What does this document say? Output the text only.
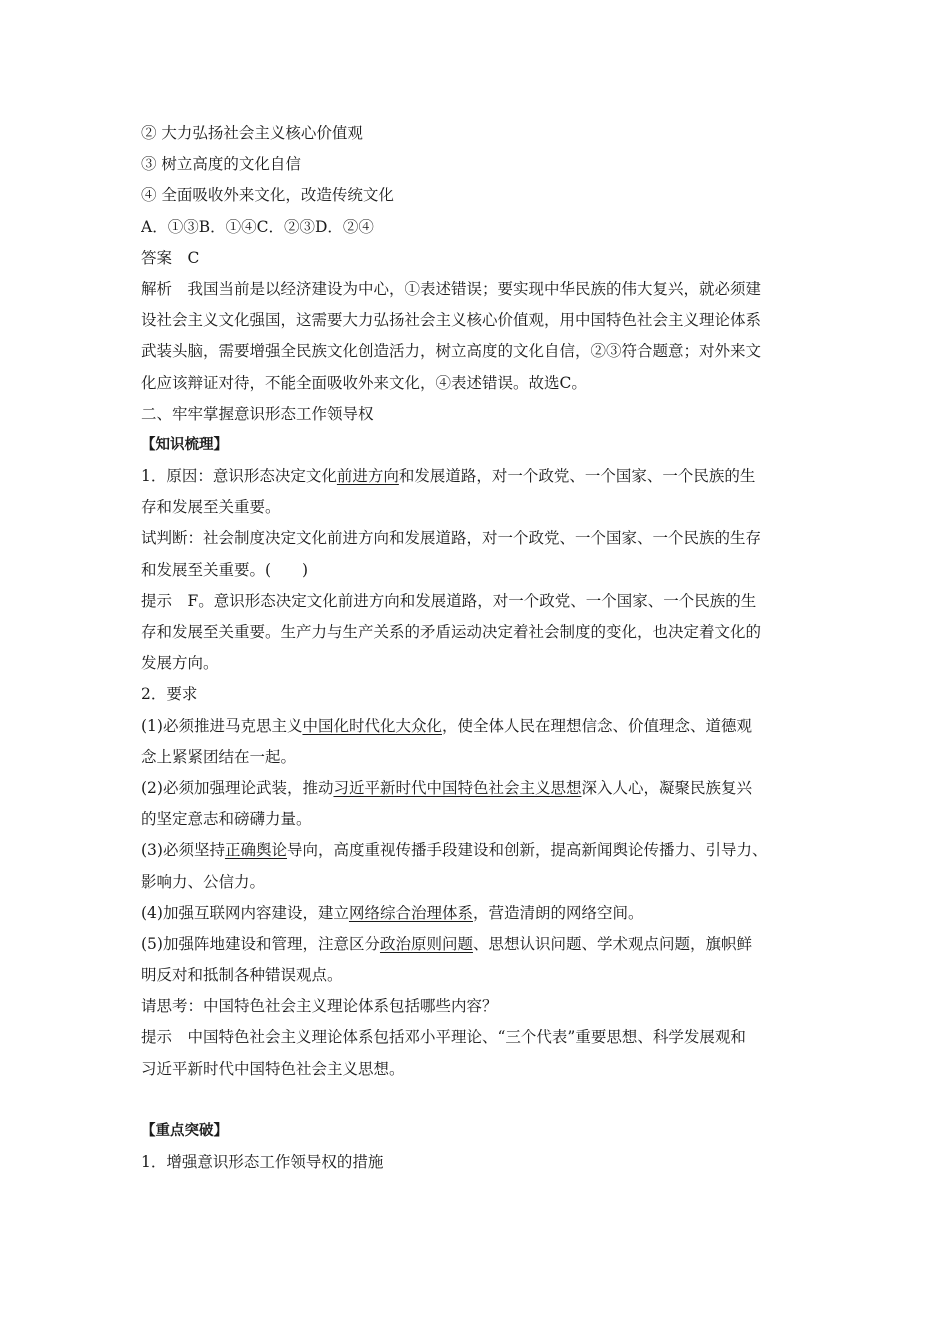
② 大力弘扬社会主义核心价值观
③ 树立高度的文化自信
④ 全面吸收外来文化，改造传统文化
A．①③B．①④C．②③D．②④
答案　C
解析　我国当前是以经济建设为中心，①表述错误；要实现中华民族的伟大复兴，就必须建
设社会主义文化强国，这需要大力弘扬社会主义核心价值观，用中国特色社会主义理论体系
武装头脑，需要增强全民族文化创造活力，树立高度的文化自信，②③符合题意；对外来文
化应该辩证对待，不能全面吸收外来文化，④表述错误。故选C。
二、牢牢掌握意识形态工作领导权
【知识梳理】
1．原因：意识形态决定文化前进方向和发展道路，对一个政党、一个国家、一个民族的生
存和发展至关重要。
试判断：社会制度决定文化前进方向和发展道路，对一个政党、一个国家、一个民族的生存
和发展至关重要。(　　)
提示　F。意识形态决定文化前进方向和发展道路，对一个政党、一个国家、一个民族的生
存和发展至关重要。生产力与生产关系的矛盾运动决定着社会制度的变化，也决定着文化的
发展方向。
2．要求
(1)必须推进马克思主义中国化时代化大众化，使全体人民在理想信念、价值理念、道德观
念上紧紧团结在一起。
(2)必须加强理论武装，推动习近平新时代中国特色社会主义思想深入人心，凝聚民族复兴
的坚定意志和磅礴力量。
(3)必须坚持正确舆论导向，高度重视传播手段建设和创新，提高新闻舆论传播力、引导力、
影响力、公信力。
(4)加强互联网内容建设，建立网络综合治理体系，营造清朗的网络空间。
(5)加强阵地建设和管理，注意区分政治原则问题、思想认识问题、学术观点问题，旗帜鲜
明反对和抵制各种错误观点。
请思考：中国特色社会主义理论体系包括哪些内容？
提示　中国特色社会主义理论体系包括邓小平理论、“三个代表”重要思想、科学发展观和
习近平新时代中国特色社会主义思想。
【重点突破】
1．增强意识形态工作领导权的措施
